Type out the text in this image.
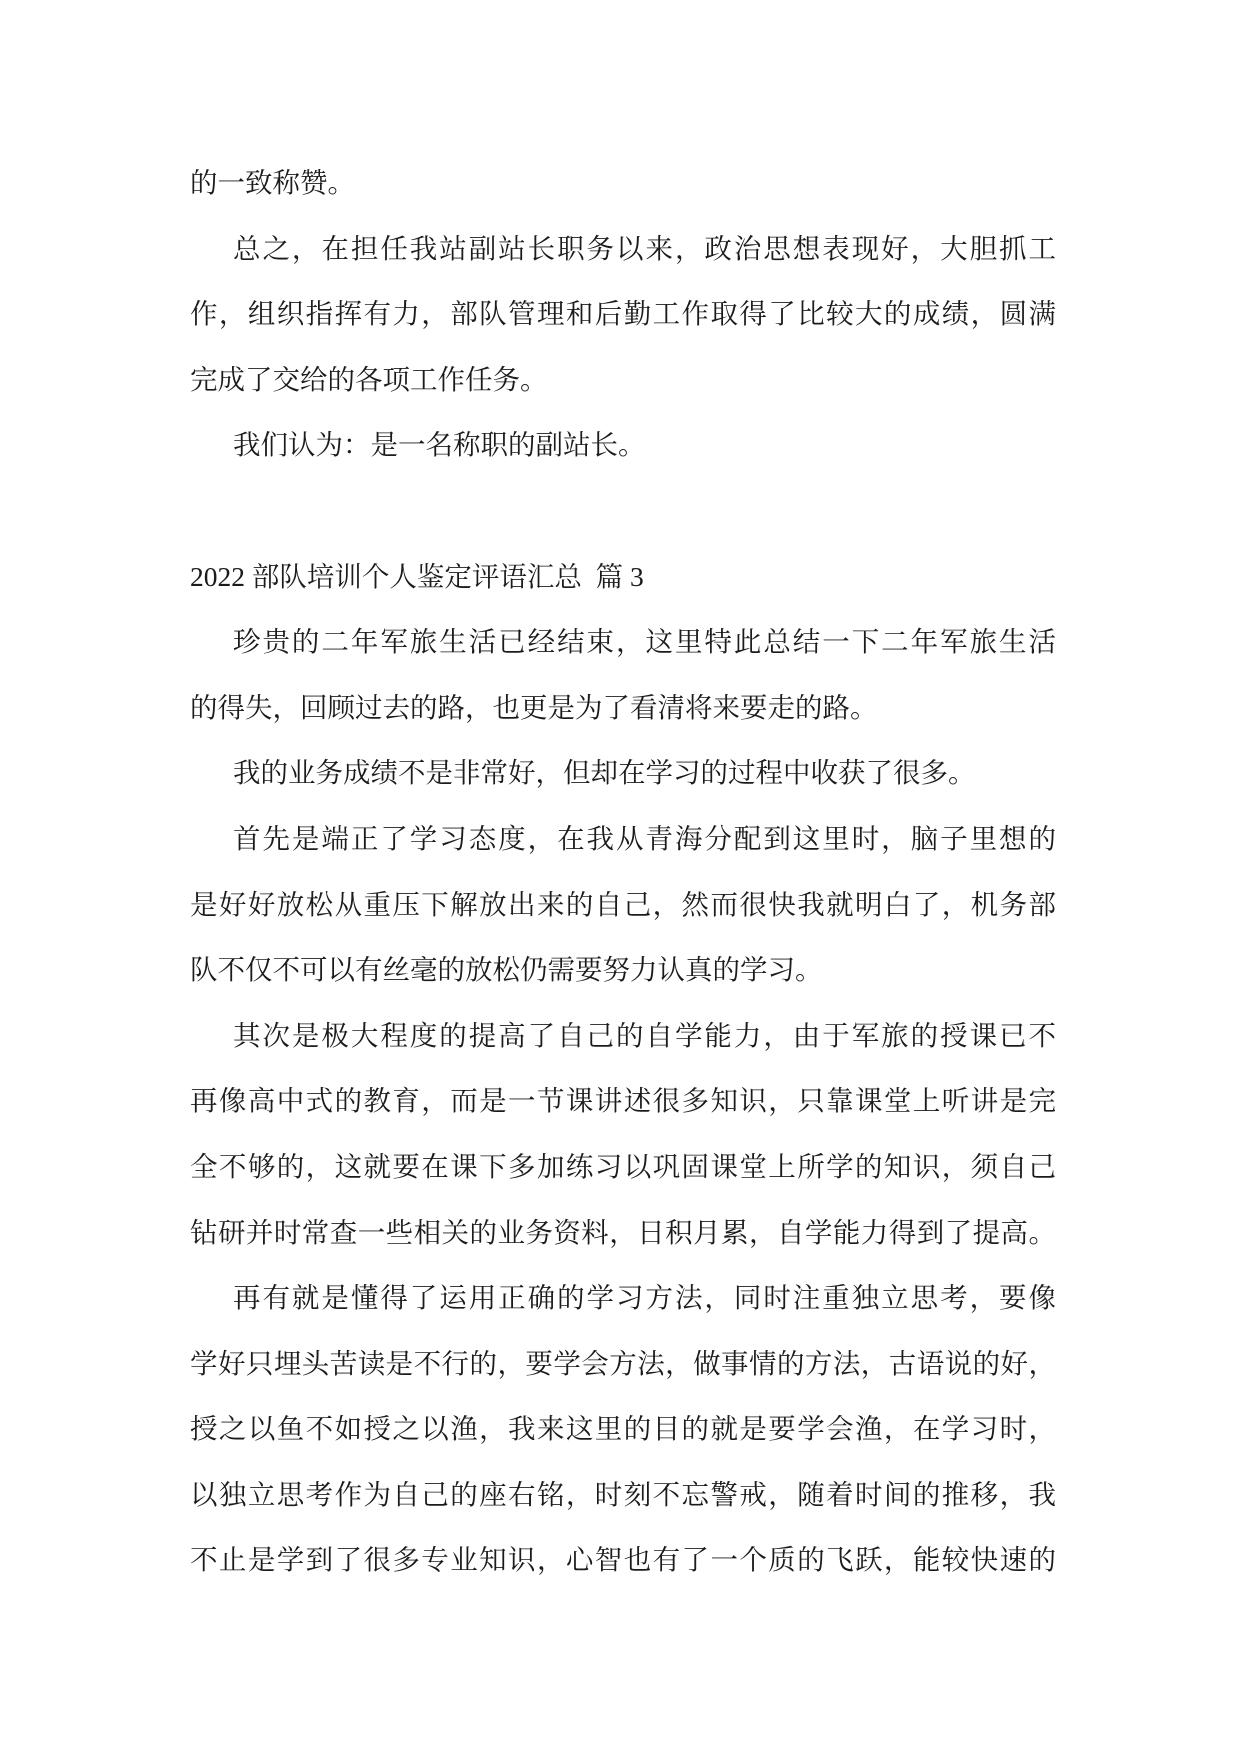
的一致称赞。
总之，在担任我站副站长职务以来，政治思想表现好，大胆抓工
作，组织指挥有力，部队管理和后勤工作取得了比较大的成绩，圆满
完成了交给的各项工作任务。
我们认为：是一名称职的副站长。
2022 部队培训个人鉴定评语汇总  篇 3
珍贵的二年军旅生活已经结束，这里特此总结一下二年军旅生活
的得失，回顾过去的路，也更是为了看清将来要走的路。
我的业务成绩不是非常好，但却在学习的过程中收获了很多。
首先是端正了学习态度，在我从青海分配到这里时，脑子里想的
是好好放松从重压下解放出来的自己，然而很快我就明白了，机务部
队不仅不可以有丝毫的放松仍需要努力认真的学习。
其次是极大程度的提高了自己的自学能力，由于军旅的授课已不
再像高中式的教育，而是一节课讲述很多知识，只靠课堂上听讲是完
全不够的，这就要在课下多加练习以巩固课堂上所学的知识，须自己
钻研并时常查一些相关的业务资料，日积月累，自学能力得到了提高。
再有就是懂得了运用正确的学习方法，同时注重独立思考，要像
学好只埋头苦读是不行的，要学会方法，做事情的方法，古语说的好，
授之以鱼不如授之以渔，我来这里的目的就是要学会渔，在学习时，
以独立思考作为自己的座右铭，时刻不忘警戒，随着时间的推移，我
不止是学到了很多专业知识，心智也有了一个质的飞跃，能较快速的
